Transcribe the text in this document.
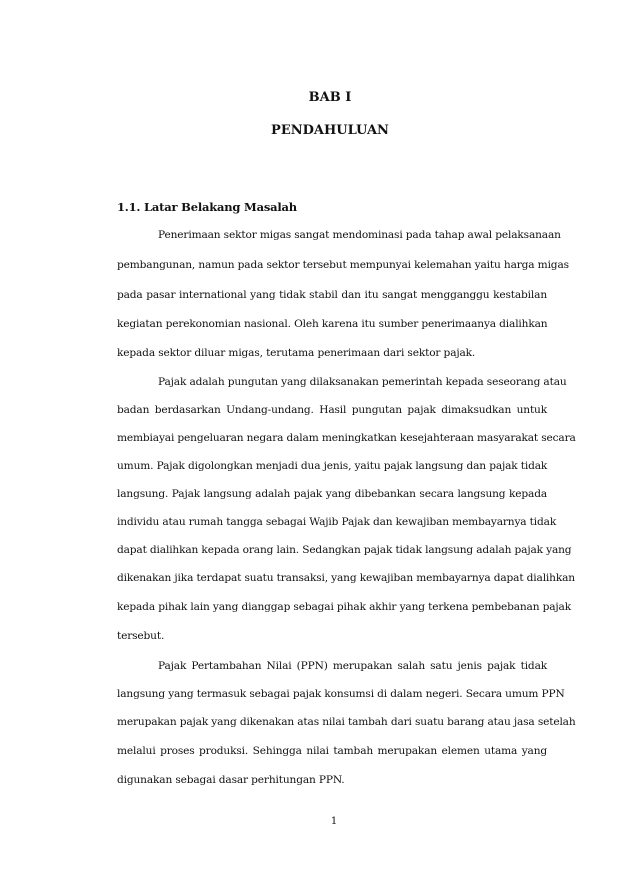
BAB I
PENDAHULUAN
1.1. Latar Belakang Masalah
Penerimaan sektor migas sangat mendominasi pada tahap awal pelaksanaan
pembangunan, namun pada sektor tersebut mempunyai kelemahan yaitu harga migas
pada pasar international yang tidak stabil dan itu sangat mengganggu kestabilan
kegiatan perekonomian nasional. Oleh karena itu sumber penerimaanya dialihkan
kepada sektor diluar migas, terutama penerimaan dari sektor pajak.
Pajak adalah pungutan yang dilaksanakan pemerintah kepada seseorang atau
badan berdasarkan Undang-undang. Hasil pungutan pajak dimaksudkan untuk
membiayai pengeluaran negara dalam meningkatkan kesejahteraan masyarakat secara
umum. Pajak digolongkan menjadi dua jenis, yaitu pajak langsung dan pajak tidak
langsung. Pajak langsung adalah pajak yang dibebankan secara langsung kepada
individu atau rumah tangga sebagai Wajib Pajak dan kewajiban membayarnya tidak
dapat dialihkan kepada orang lain. Sedangkan pajak tidak langsung adalah pajak yang
dikenakan jika terdapat suatu transaksi, yang kewajiban membayarnya dapat dialihkan
kepada pihak lain yang dianggap sebagai pihak akhir yang terkena pembebanan pajak
tersebut.
Pajak Pertambahan Nilai (PPN) merupakan salah satu jenis pajak tidak
langsung yang termasuk sebagai pajak konsumsi di dalam negeri. Secara umum PPN
merupakan pajak yang dikenakan atas nilai tambah dari suatu barang atau jasa setelah
melalui proses produksi. Sehingga nilai tambah merupakan elemen utama yang
digunakan sebagai dasar perhitungan PPN.
1
